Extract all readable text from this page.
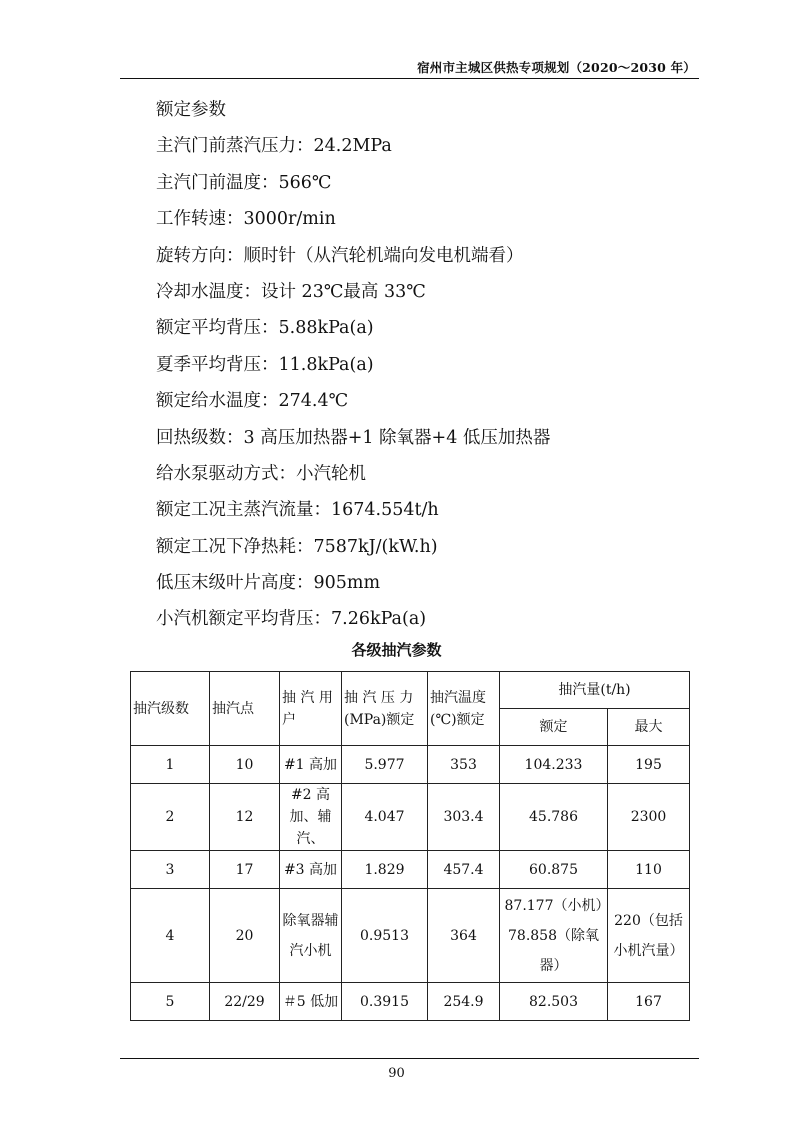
宿州市主城区供热专项规划（2020～2030 年）
额定参数
主汽门前蒸汽压力：24.2MPa
主汽门前温度：566℃
工作转速：3000r/min
旋转方向：顺时针（从汽轮机端向发电机端看）
冷却水温度：设计 23℃最高 33℃
额定平均背压：5.88kPa(a)
夏季平均背压：11.8kPa(a)
额定给水温度：274.4℃
回热级数：3 高压加热器+1 除氧器+4 低压加热器
给水泵驱动方式：小汽轮机
额定工况主蒸汽流量：1674.554t/h
额定工况下净热耗：7587kJ/(kW.h)
低压末级叶片高度：905mm
小汽机额定平均背压：7.26kPa(a)
各级抽汽参数
抽汽级数	抽汽点	抽 汽 用 户	抽 汽 压 力 (MPa)额定	抽汽温度 (℃)额定	抽汽量(t/h)	
					额定	最大
1	10	#1 高加	5.977	353	104.233	195
2	12	#2 高加、辅汽、	4.047	303.4	45.786	2300
3	17	#3 高加	1.829	457.4	60.875	110
4	20	除氧器辅汽小机	0.9513	364	87.177（小机）78.858（除氧器）	220（包括小机汽量）
5	22/29	＃5 低加	0.3915	254.9	82.503	167
90
